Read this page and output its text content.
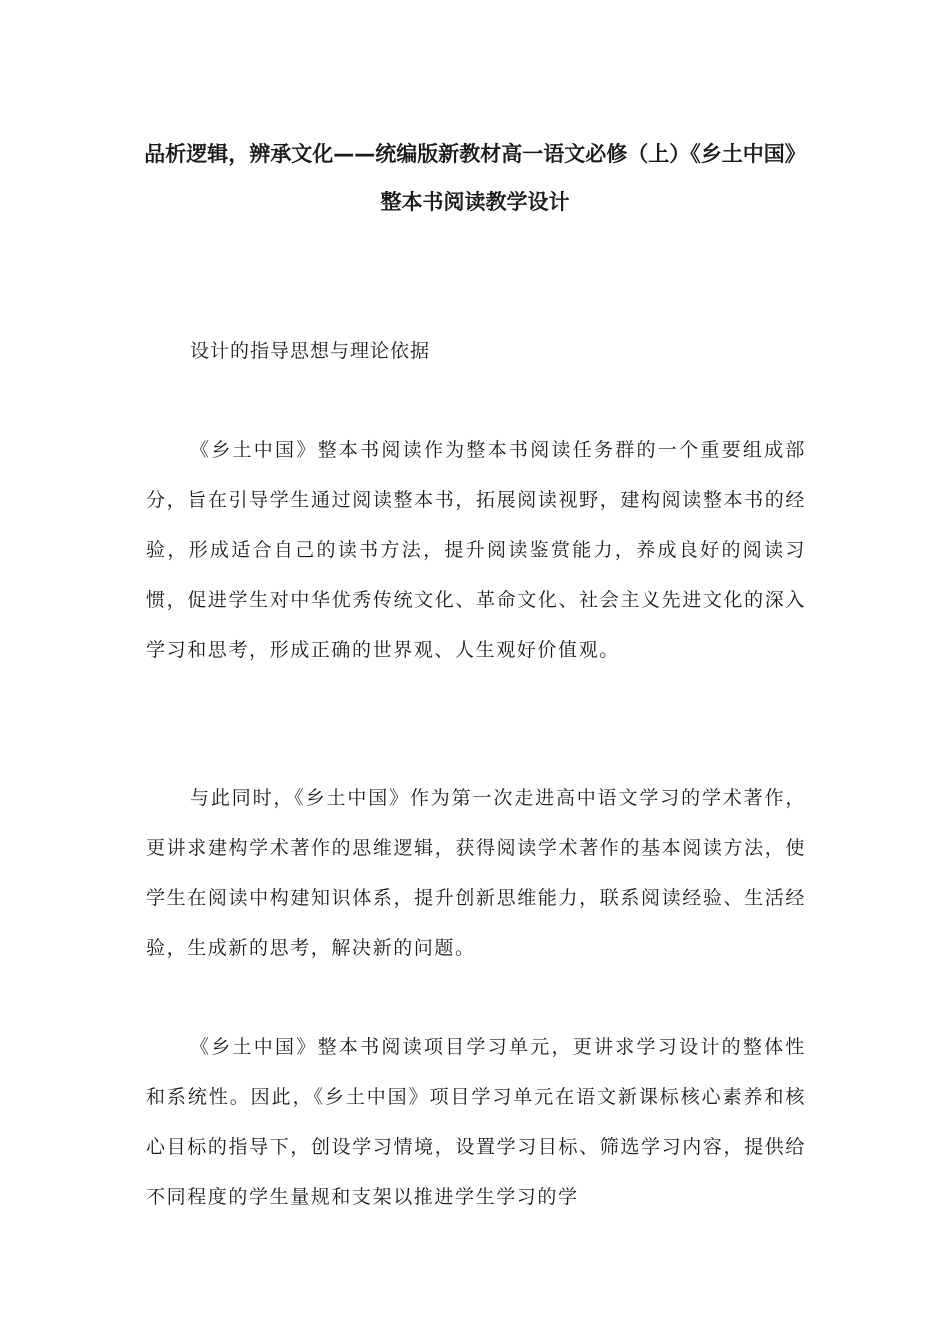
品析逻辑，辨承文化——统编版新教材高一语文必修（上）《乡土中国》整本书阅读教学设计

设计的指导思想与理论依据

《乡土中国》整本书阅读作为整本书阅读任务群的一个重要组成部分，旨在引导学生通过阅读整本书，拓展阅读视野，建构阅读整本书的经验，形成适合自己的读书方法，提升阅读鉴赏能力，养成良好的阅读习惯，促进学生对中华优秀传统文化、革命文化、社会主义先进文化的深入学习和思考，形成正确的世界观、人生观好价值观。

与此同时，《乡土中国》作为第一次走进高中语文学习的学术著作，更讲求建构学术著作的思维逻辑，获得阅读学术著作的基本阅读方法，使学生在阅读中构建知识体系，提升创新思维能力，联系阅读经验、生活经验，生成新的思考，解决新的问题。

《乡土中国》整本书阅读项目学习单元，更讲求学习设计的整体性和系统性。因此，《乡土中国》项目学习单元在语文新课标核心素养和核心目标的指导下，创设学习情境，设置学习目标、筛选学习内容，提供给不同程度的学生量规和支架以推进学生学习的学
